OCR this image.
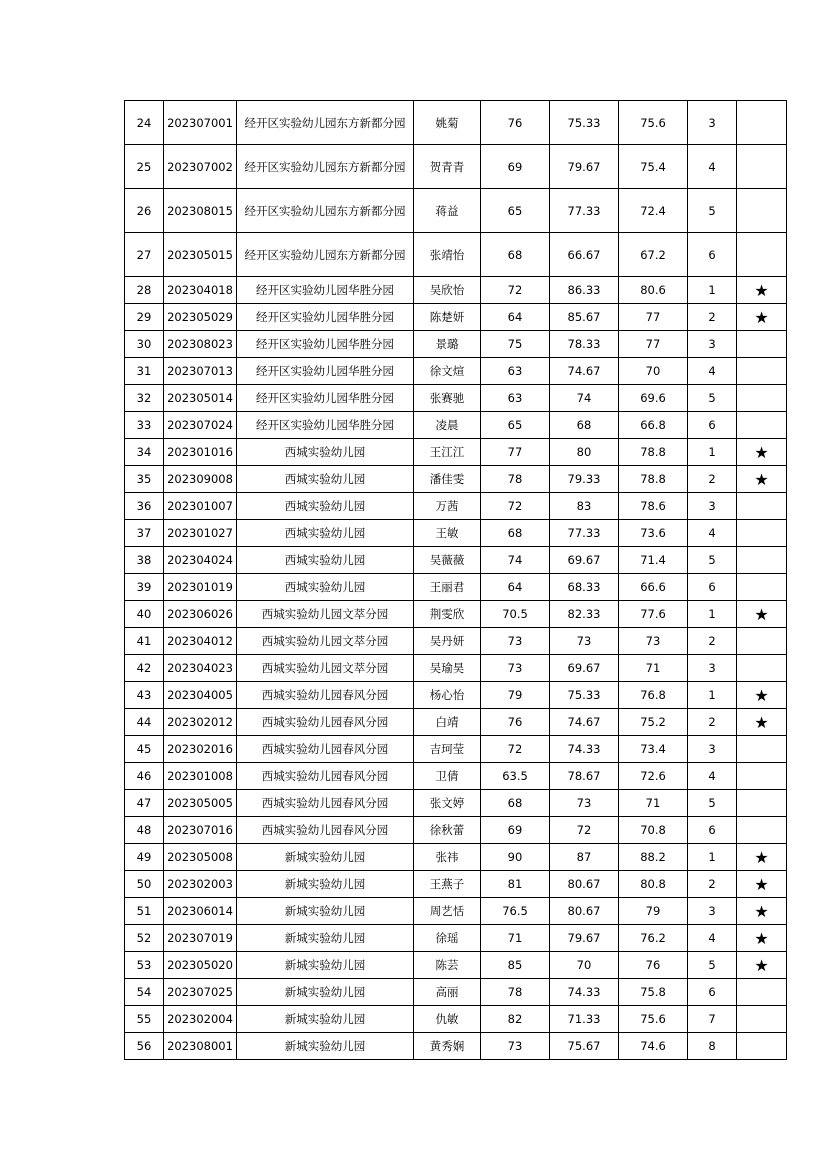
24	202307001	经开区实验幼儿园东方新都分园	姚菊	76	75.33	75.6	3	
25	202307002	经开区实验幼儿园东方新都分园	贺青青	69	79.67	75.4	4	
26	202308015	经开区实验幼儿园东方新都分园	蒋益	65	77.33	72.4	5	
27	202305015	经开区实验幼儿园东方新都分园	张靖怡	68	66.67	67.2	6	
28	202304018	经开区实验幼儿园华胜分园	吴欣怡	72	86.33	80.6	1	★
29	202305029	经开区实验幼儿园华胜分园	陈楚妍	64	85.67	77	2	★
30	202308023	经开区实验幼儿园华胜分园	景璐	75	78.33	77	3	
31	202307013	经开区实验幼儿园华胜分园	徐文煊	63	74.67	70	4	
32	202305014	经开区实验幼儿园华胜分园	张赛驰	63	74	69.6	5	
33	202307024	经开区实验幼儿园华胜分园	凌晨	65	68	66.8	6	
34	202301016	西城实验幼儿园	王江江	77	80	78.8	1	★
35	202309008	西城实验幼儿园	潘佳雯	78	79.33	78.8	2	★
36	202301007	西城实验幼儿园	万茜	72	83	78.6	3	
37	202301027	西城实验幼儿园	王敏	68	77.33	73.6	4	
38	202304024	西城实验幼儿园	吴薇薇	74	69.67	71.4	5	
39	202301019	西城实验幼儿园	王丽君	64	68.33	66.6	6	
40	202306026	西城实验幼儿园文萃分园	荆雯欣	70.5	82.33	77.6	1	★
41	202304012	西城实验幼儿园文萃分园	吴丹妍	73	73	73	2	
42	202304023	西城实验幼儿园文萃分园	吴瑜昊	73	69.67	71	3	
43	202304005	西城实验幼儿园春风分园	杨心怡	79	75.33	76.8	1	★
44	202302012	西城实验幼儿园春风分园	白靖	76	74.67	75.2	2	★
45	202302016	西城实验幼儿园春风分园	吉珂莹	72	74.33	73.4	3	
46	202301008	西城实验幼儿园春风分园	卫倩	63.5	78.67	72.6	4	
47	202305005	西城实验幼儿园春风分园	张文婷	68	73	71	5	
48	202307016	西城实验幼儿园春风分园	徐秋蕾	69	72	70.8	6	
49	202305008	新城实验幼儿园	张祎	90	87	88.2	1	★
50	202302003	新城实验幼儿园	王燕子	81	80.67	80.8	2	★
51	202306014	新城实验幼儿园	周艺恬	76.5	80.67	79	3	★
52	202307019	新城实验幼儿园	徐瑶	71	79.67	76.2	4	★
53	202305020	新城实验幼儿园	陈芸	85	70	76	5	★
54	202307025	新城实验幼儿园	高丽	78	74.33	75.8	6	
55	202302004	新城实验幼儿园	仇敏	82	71.33	75.6	7	
56	202308001	新城实验幼儿园	黄秀娴	73	75.67	74.6	8	
